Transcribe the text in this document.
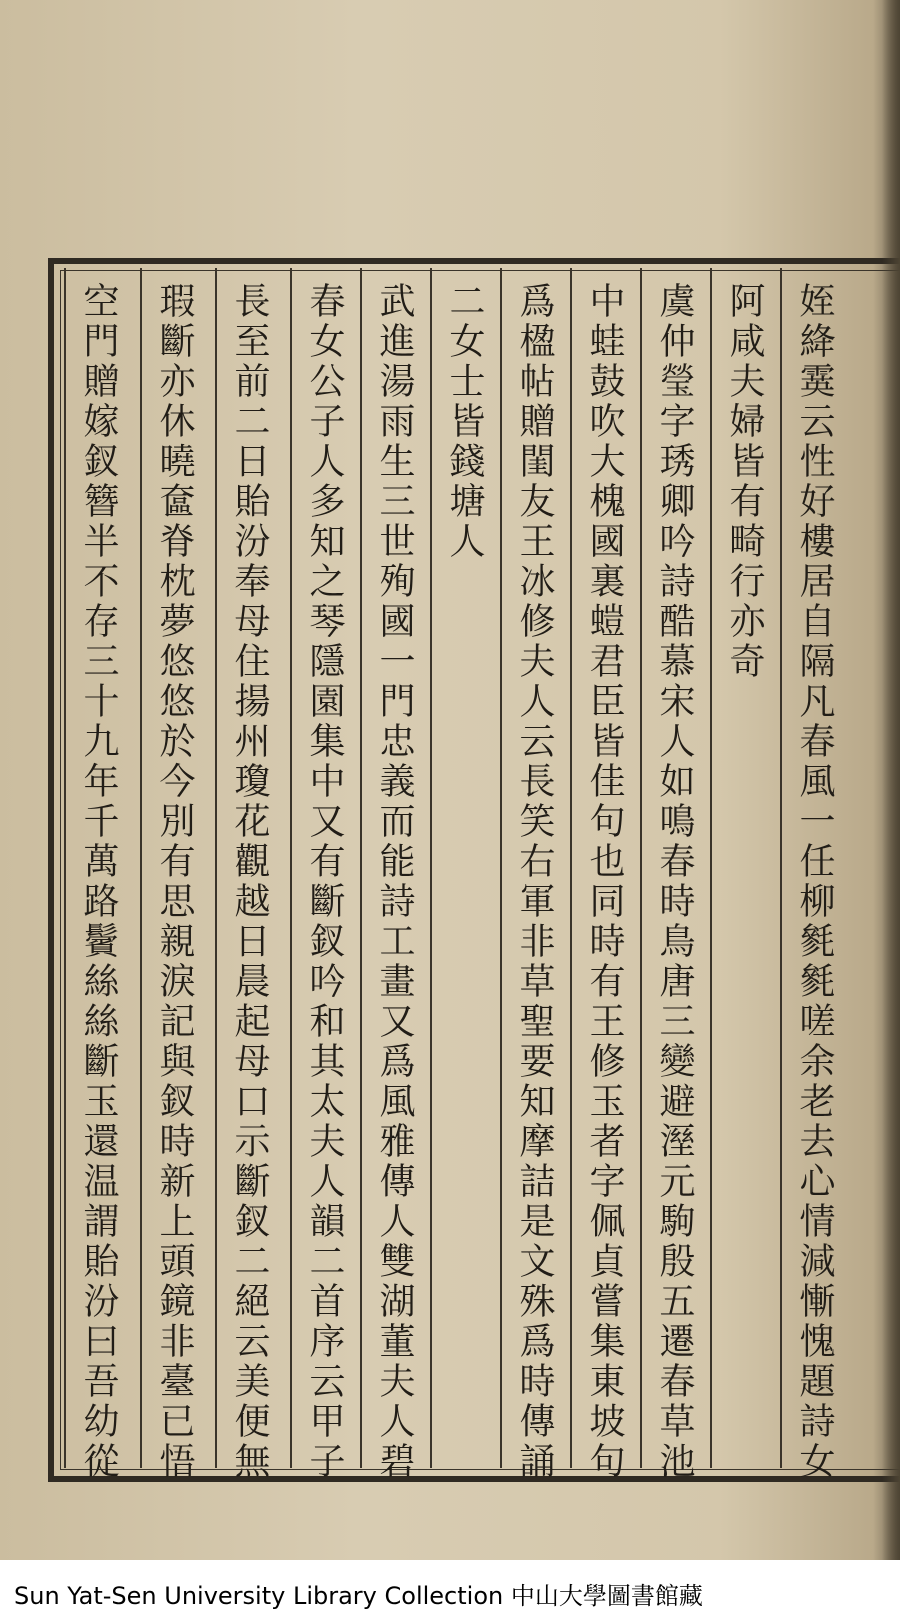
姪絳霙云性好樓居自隔凡春風一任柳毿毿嗟余老去心情減慚愧題詩女
阿咸夫婦皆有畸行亦奇
虞仲瑩字琇卿吟詩酷慕宋人如鳴春時鳥唐三變避溼元駒殷五遷春草池
中蛙鼓吹大槐國裏螘君臣皆佳句也同時有王修玉者字佩貞嘗集東坡句
爲楹帖贈閨友王冰修夫人云長笑右軍非草聖要知摩詰是文殊爲時傳誦
二女士皆錢塘人
武進湯雨生三世殉國一門忠義而能詩工畫又爲風雅傳人雙湖董夫人碧
春女公子人多知之琴隱園集中又有斷釵吟和其太夫人韻二首序云甲子
長至前二日貽汾奉母住揚州瓊花觀越日晨起母口示斷釵二絕云美便無
瑕斷亦休曉奩脊枕夢悠悠於今別有思親淚記與釵時新上頭鏡非臺已悟
空門贈嫁釵簪半不存三十九年千萬路鬢絲絲斷玉還温謂貽汾曰吾幼從
Sun Yat-Sen University Library Collection 中山大學圖書館藏
